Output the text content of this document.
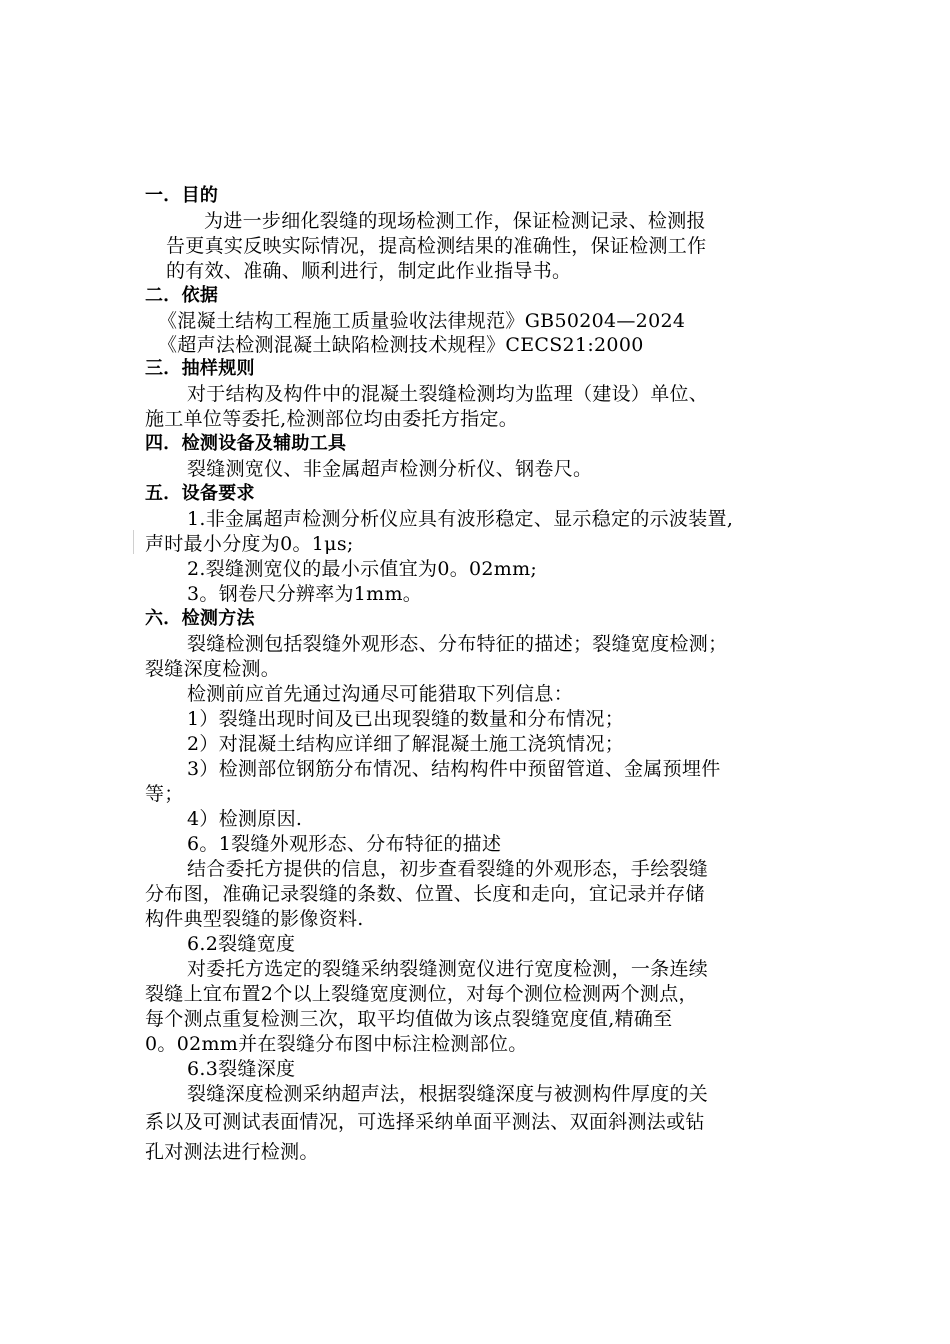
一．目的
为进一步细化裂缝的现场检测工作，保证检测记录、检测报
告更真实反映实际情况，提高检测结果的准确性，保证检测工作
的有效、准确、顺利进行，制定此作业指导书。
二．依据
《混凝土结构工程施工质量验收法律规范》GB50204—2024
《超声法检测混凝土缺陷检测技术规程》CECS21:2000
三．抽样规则
对于结构及构件中的混凝土裂缝检测均为监理（建设）单位、
施工单位等委托,检测部位均由委托方指定。
四．检测设备及辅助工具
裂缝测宽仪、非金属超声检测分析仪、钢卷尺。
五．设备要求
1.非金属超声检测分析仪应具有波形稳定、显示稳定的示波装置,
声时最小分度为0。1μs;
2.裂缝测宽仪的最小示值宜为0。02mm;
3。钢卷尺分辨率为1mm。
六．检测方法
裂缝检测包括裂缝外观形态、分布特征的描述；裂缝宽度检测；
裂缝深度检测。
检测前应首先通过沟通尽可能猎取下列信息：
1）裂缝出现时间及已出现裂缝的数量和分布情况；
2）对混凝土结构应详细了解混凝土施工浇筑情况；
3）检测部位钢筋分布情况、结构构件中预留管道、金属预埋件
等；
4）检测原因.
6。1裂缝外观形态、分布特征的描述
结合委托方提供的信息，初步查看裂缝的外观形态，手绘裂缝
分布图，准确记录裂缝的条数、位置、长度和走向，宜记录并存储
构件典型裂缝的影像资料.
6.2裂缝宽度
对委托方选定的裂缝采纳裂缝测宽仪进行宽度检测，一条连续
裂缝上宜布置2个以上裂缝宽度测位，对每个测位检测两个测点，
每个测点重复检测三次，取平均值做为该点裂缝宽度值,精确至
0。02mm并在裂缝分布图中标注检测部位。
6.3裂缝深度
裂缝深度检测采纳超声法，根据裂缝深度与被测构件厚度的关
系以及可测试表面情况，可选择采纳单面平测法、双面斜测法或钻
孔对测法进行检测。
